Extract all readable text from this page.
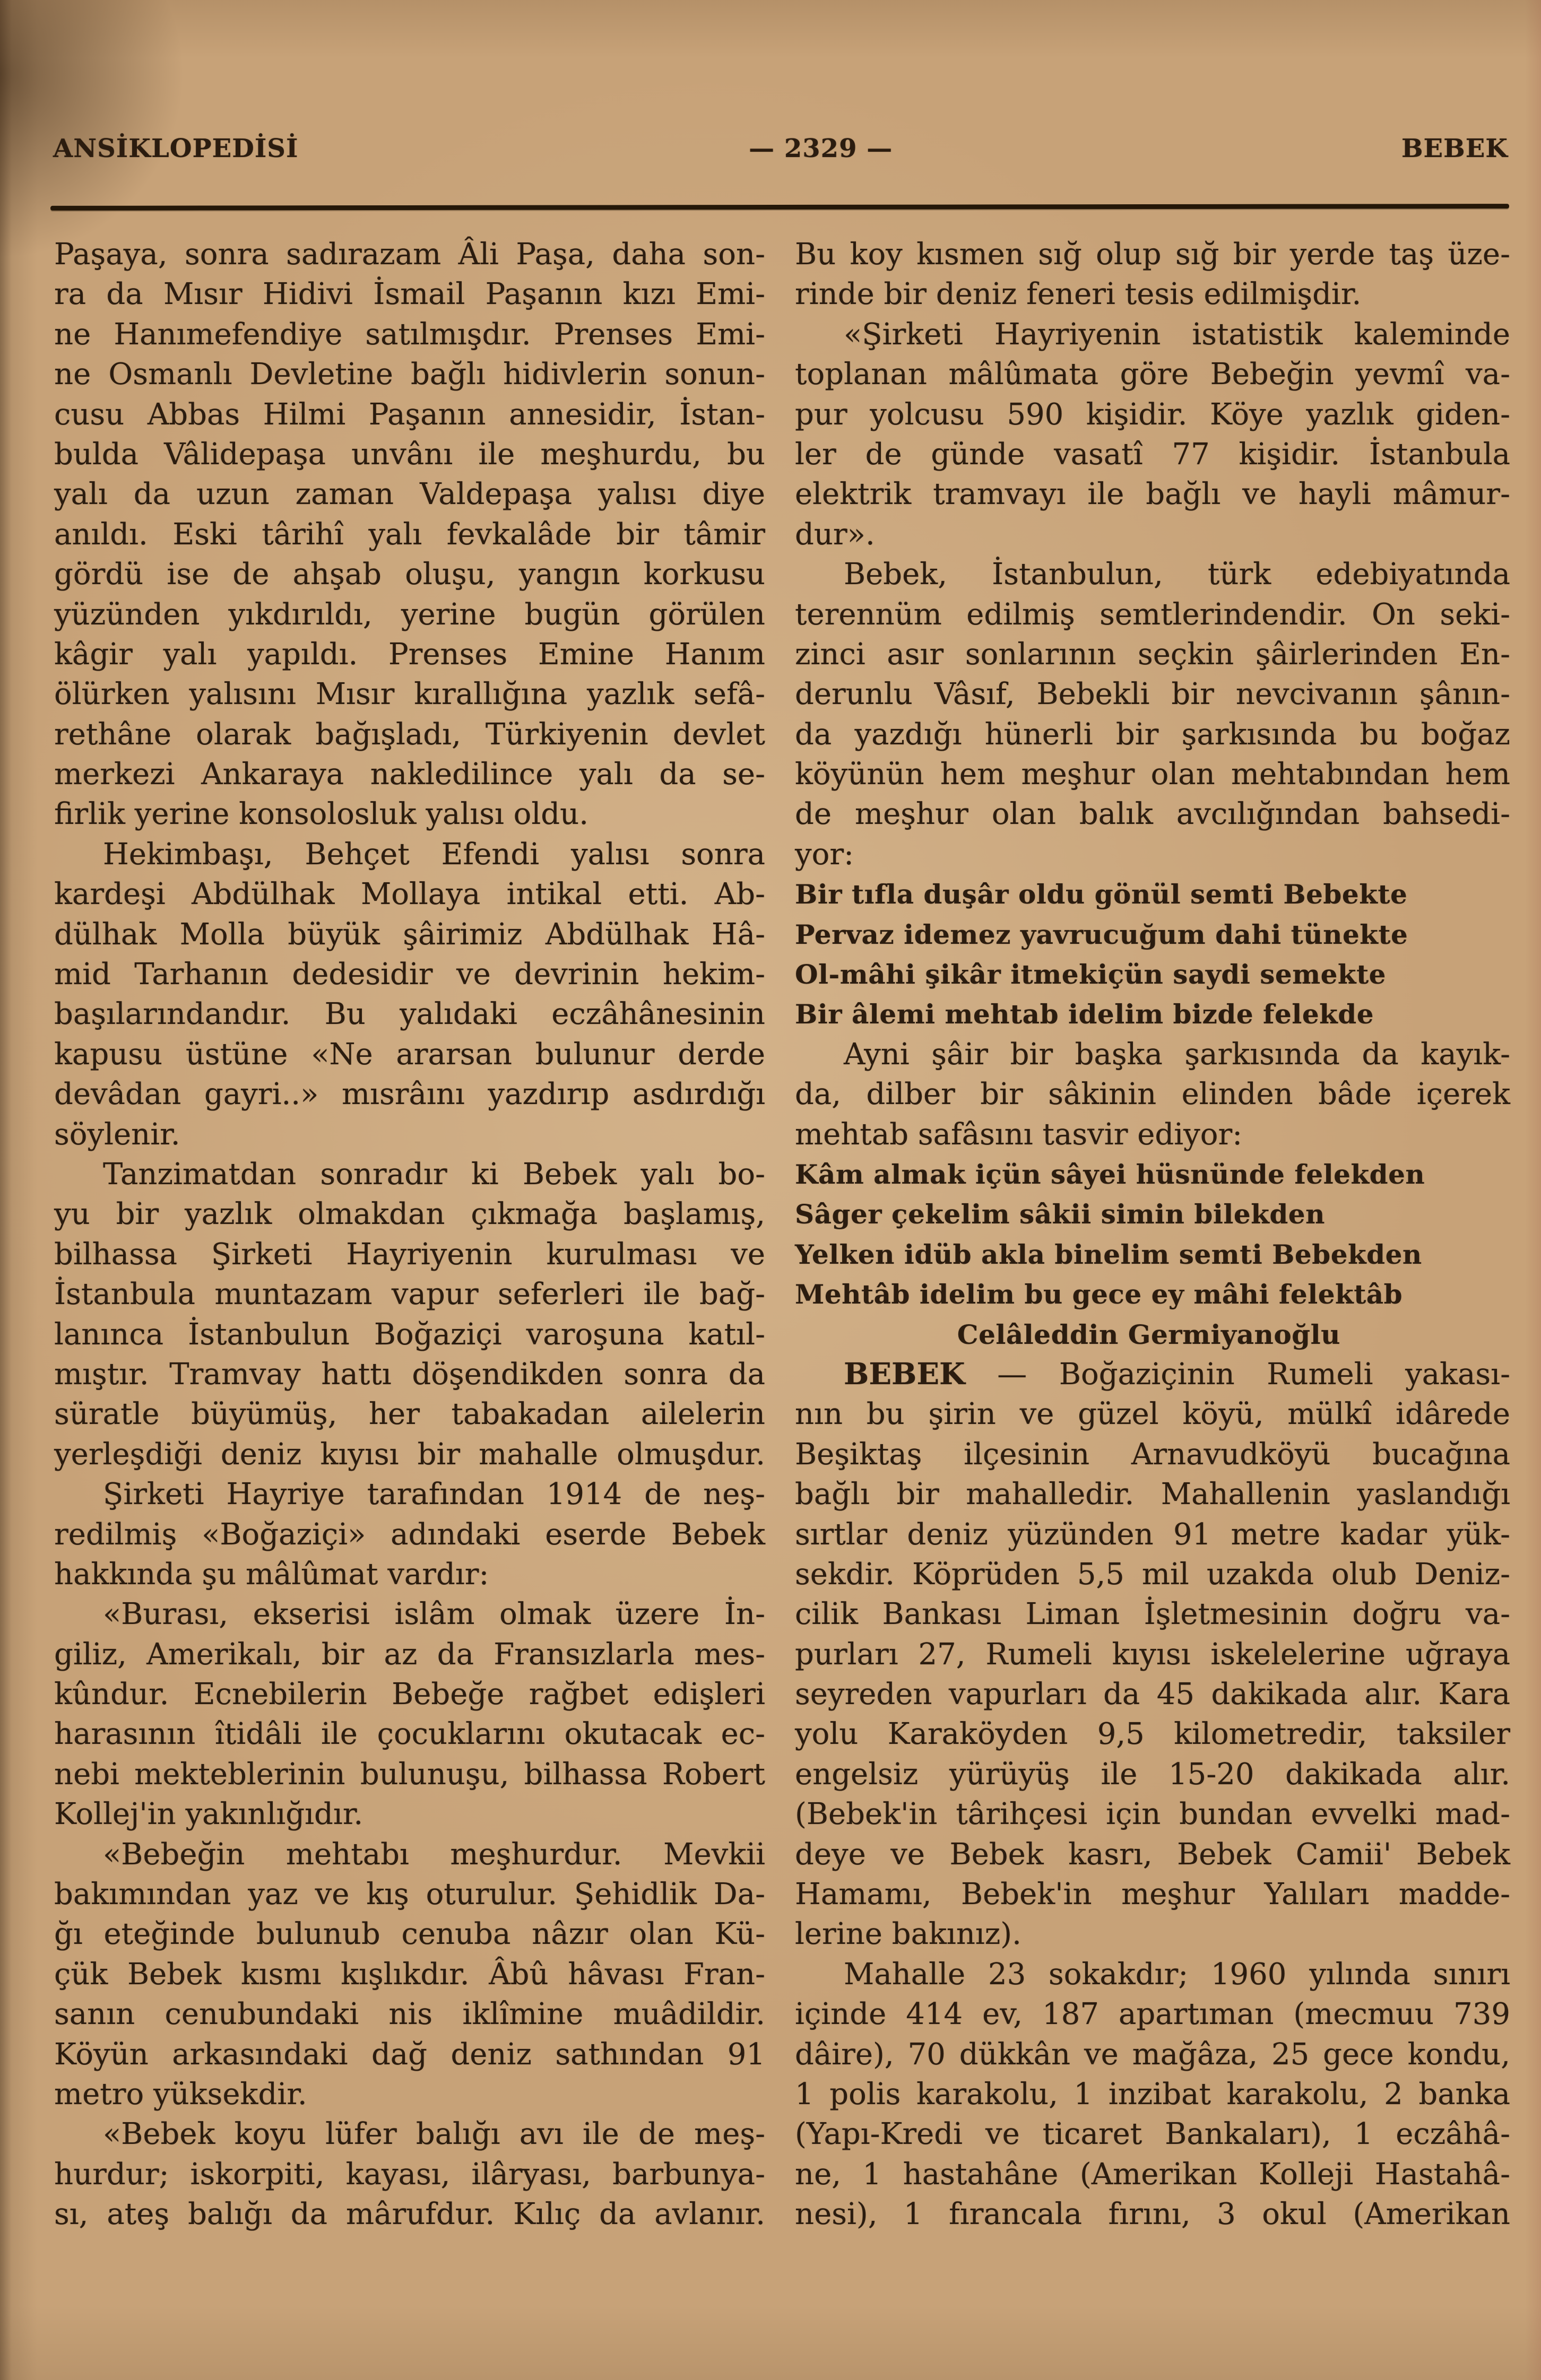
ANSİKLOPEDİSİ	— 2329 —	BEBEK
Paşaya, sonra sadırazam Âli Paşa, daha son-
ra da Mısır Hidivi İsmail Paşanın kızı Emi-
ne Hanımefendiye satılmışdır. Prenses Emi-
ne Osmanlı Devletine bağlı hidivlerin sonun-
cusu Abbas Hilmi Paşanın annesidir, İstan-
bulda Vâlidepaşa unvânı ile meşhurdu, bu
yalı da uzun zaman Valdepaşa yalısı diye
anıldı. Eski târihî yalı fevkalâde bir tâmir
gördü ise de ahşab oluşu, yangın korkusu
yüzünden yıkdırıldı, yerine bugün görülen
kâgir yalı yapıldı. Prenses Emine Hanım
ölürken yalısını Mısır kırallığına yazlık sefâ-
rethâne olarak bağışladı, Türkiyenin devlet
merkezi Ankaraya nakledilince yalı da se-
firlik yerine konsolosluk yalısı oldu.
Hekimbaşı, Behçet Efendi yalısı sonra
kardeşi Abdülhak Mollaya intikal etti. Ab-
dülhak Molla büyük şâirimiz Abdülhak Hâ-
mid Tarhanın dedesidir ve devrinin hekim-
başılarındandır. Bu yalıdaki eczâhânesinin
kapusu üstüne «Ne ararsan bulunur derde
devâdan gayri..» mısrâını yazdırıp asdırdığı
söylenir.
Tanzimatdan sonradır ki Bebek yalı bo-
yu bir yazlık olmakdan çıkmağa başlamış,
bilhassa Şirketi Hayriyenin kurulması ve
İstanbula muntazam vapur seferleri ile bağ-
lanınca İstanbulun Boğaziçi varoşuna katıl-
mıştır. Tramvay hattı döşendikden sonra da
süratle büyümüş, her tabakadan ailelerin
yerleşdiği deniz kıyısı bir mahalle olmuşdur.
Şirketi Hayriye tarafından 1914 de neş-
redilmiş «Boğaziçi» adındaki eserde Bebek
hakkında şu mâlûmat vardır:
«Burası, ekserisi islâm olmak üzere İn-
giliz, Amerikalı, bir az da Fransızlarla mes-
kûndur. Ecnebilerin Bebeğe rağbet edişleri
harasının îtidâli ile çocuklarını okutacak ec-
nebi mekteblerinin bulunuşu, bilhassa Robert
Kollej'in yakınlığıdır.
«Bebeğin mehtabı meşhurdur. Mevkii
bakımından yaz ve kış oturulur. Şehidlik Da-
ğı eteğinde bulunub cenuba nâzır olan Kü-
çük Bebek kısmı kışlıkdır. Âbû hâvası Fran-
sanın cenubundaki nis iklîmine muâdildir.
Köyün arkasındaki dağ deniz sathından 91
metro yüksekdir.
«Bebek koyu lüfer balığı avı ile de meş-
hurdur; iskorpiti, kayası, ilâryası, barbunya-
sı, ateş balığı da mârufdur. Kılıç da avlanır.
Bu koy kısmen sığ olup sığ bir yerde taş üze-
rinde bir deniz feneri tesis edilmişdir.
«Şirketi Hayriyenin istatistik kaleminde
toplanan mâlûmata göre Bebeğin yevmî va-
pur yolcusu 590 kişidir. Köye yazlık giden-
ler de günde vasatî 77 kişidir. İstanbula
elektrik tramvayı ile bağlı ve hayli mâmur-
dur».
Bebek, İstanbulun, türk edebiyatında
terennüm edilmiş semtlerindendir. On seki-
zinci asır sonlarının seçkin şâirlerinden En-
derunlu Vâsıf, Bebekli bir nevcivanın şânın-
da yazdığı hünerli bir şarkısında bu boğaz
köyünün hem meşhur olan mehtabından hem
de meşhur olan balık avcılığından bahsedi-
yor:
Bir tıfla duşâr oldu gönül semti Bebekte
Pervaz idemez yavrucuğum dahi tünekte
Ol-mâhi şikâr itmekiçün saydi semekte
Bir âlemi mehtab idelim bizde felekde
Ayni şâir bir başka şarkısında da kayık-
da, dilber bir sâkinin elinden bâde içerek
mehtab safâsını tasvir ediyor:
Kâm almak içün sâyei hüsnünde felekden
Sâger çekelim sâkii simin bilekden
Yelken idüb akla binelim semti Bebekden
Mehtâb idelim bu gece ey mâhi felektâb
Celâleddin Germiyanoğlu
BEBEK — Boğaziçinin Rumeli yakası-
nın bu şirin ve güzel köyü, mülkî idârede
Beşiktaş ilçesinin Arnavudköyü bucağına
bağlı bir mahalledir. Mahallenin yaslandığı
sırtlar deniz yüzünden 91 metre kadar yük-
sekdir. Köprüden 5,5 mil uzakda olub Deniz-
cilik Bankası Liman İşletmesinin doğru va-
purları 27, Rumeli kıyısı iskelelerine uğraya
seyreden vapurları da 45 dakikada alır. Kara
yolu Karaköyden 9,5 kilometredir, taksiler
engelsiz yürüyüş ile 15-20 dakikada alır.
(Bebek'in târihçesi için bundan evvelki mad-
deye ve Bebek kasrı, Bebek Camii' Bebek
Hamamı, Bebek'in meşhur Yalıları madde-
lerine bakınız).
Mahalle 23 sokakdır; 1960 yılında sınırı
içinde 414 ev, 187 apartıman (mecmuu 739
dâire), 70 dükkân ve mağâza, 25 gece kondu,
1 polis karakolu, 1 inzibat karakolu, 2 banka
(Yapı-Kredi ve ticaret Bankaları), 1 eczâhâ-
ne, 1 hastahâne (Amerikan Kolleji Hastahâ-
nesi), 1 fırancala fırını, 3 okul (Amerikan
